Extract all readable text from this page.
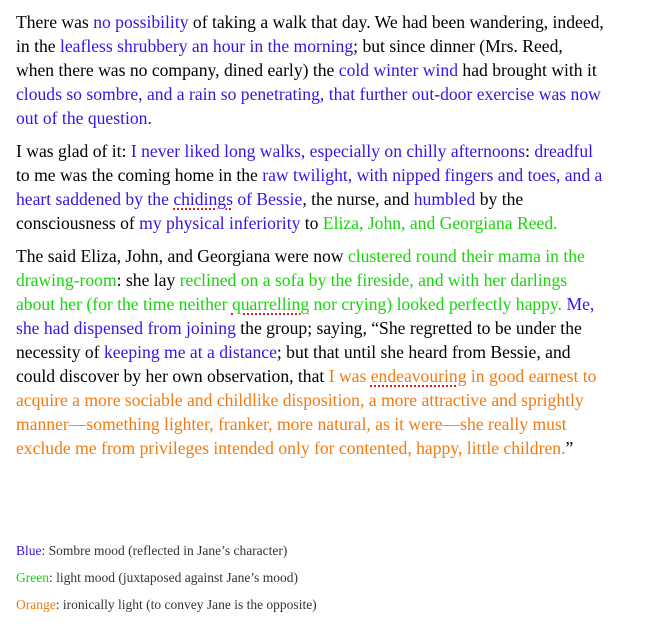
There was no possibility of taking a walk that day. We had been wandering, indeed, in the leafless shrubbery an hour in the morning; but since dinner (Mrs. Reed, when there was no company, dined early) the cold winter wind had brought with it clouds so sombre, and a rain so penetrating, that further out-door exercise was now out of the question.

I was glad of it: I never liked long walks, especially on chilly afternoons: dreadful to me was the coming home in the raw twilight, with nipped fingers and toes, and a heart saddened by the chidings of Bessie, the nurse, and humbled by the consciousness of my physical inferiority to Eliza, John, and Georgiana Reed.

The said Eliza, John, and Georgiana were now clustered round their mama in the drawing-room: she lay reclined on a sofa by the fireside, and with her darlings about her (for the time neither quarrelling nor crying) looked perfectly happy. Me, she had dispensed from joining the group; saying, “She regretted to be under the necessity of keeping me at a distance; but that until she heard from Bessie, and could discover by her own observation, that I was endeavouring in good earnest to acquire a more sociable and childlike disposition, a more attractive and sprightly manner—something lighter, franker, more natural, as it were—she really must exclude me from privileges intended only for contented, happy, little children.”

Blue: Sombre mood (reflected in Jane’s character)
Green: light mood (juxtaposed against Jane’s mood)
Orange: ironically light (to convey Jane is the opposite)
